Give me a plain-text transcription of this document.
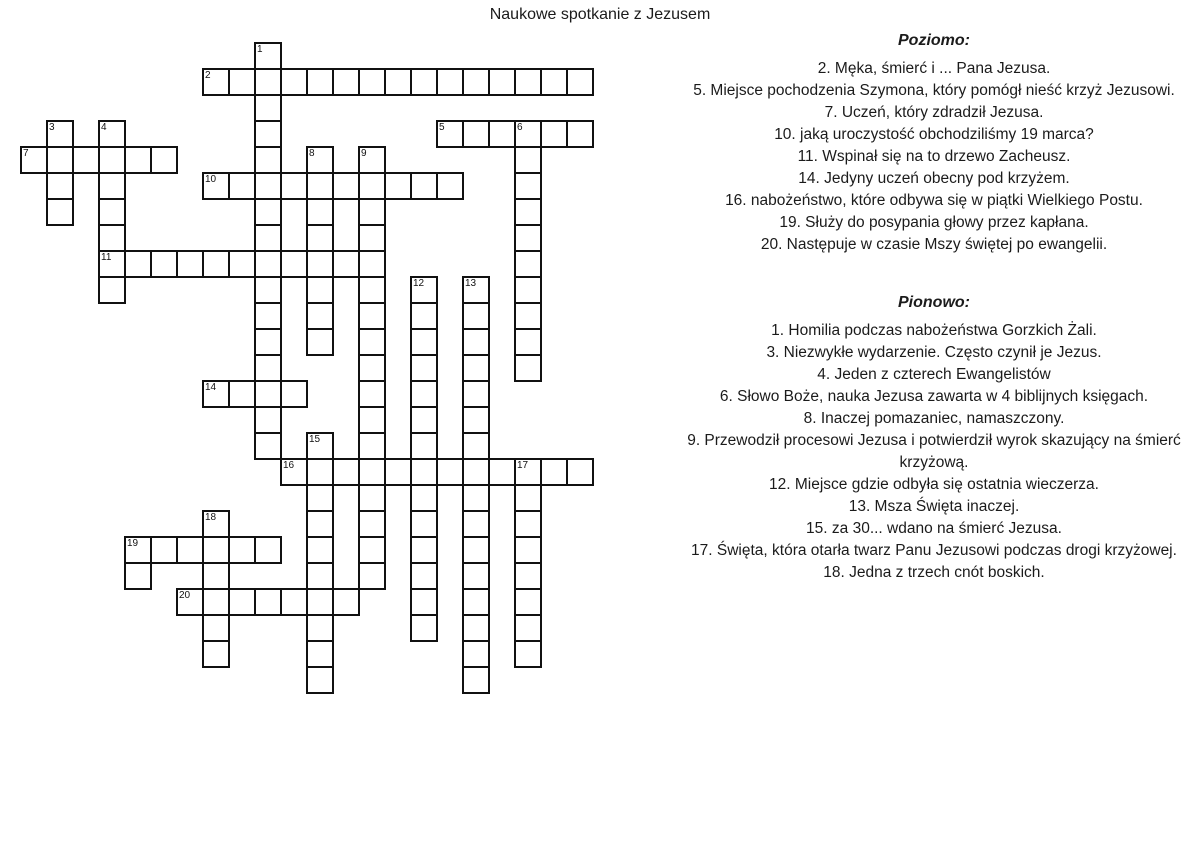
Naukowe spotkanie z Jezusem
1
2
3	4	5	6
7	8	9
10
11
12	13
14
15
16	17
18
19
20
Poziomo:
2. Męka, śmierć i ... Pana Jezusa.
5. Miejsce pochodzenia Szymona, który pomógł nieść krzyż Jezusowi.
7. Uczeń, który zdradził Jezusa.
10. jaką uroczystość obchodziliśmy 19 marca?
11. Wspinał się na to drzewo Zacheusz.
14. Jedyny uczeń obecny pod krzyżem.
16. nabożeństwo, które odbywa się w piątki Wielkiego Postu.
19. Służy do posypania głowy przez kapłana.
20. Następuje w czasie Mszy świętej po ewangelii.
Pionowo:
1. Homilia podczas nabożeństwa Gorzkich Żali.
3. Niezwykłe wydarzenie. Często czynił je Jezus.
4. Jeden z czterech Ewangelistów
6. Słowo Boże, nauka Jezusa zawarta w 4 biblijnych księgach.
8. Inaczej pomazaniec, namaszczony.
9. Przewodził procesowi Jezusa i potwierdził wyrok skazujący na śmierć krzyżową.
12. Miejsce gdzie odbyła się ostatnia wieczerza.
13. Msza Święta inaczej.
15. za 30... wdano na śmierć Jezusa.
17. Święta, która otarła twarz Panu Jezusowi podczas drogi krzyżowej.
18. Jedna z trzech cnót boskich.
